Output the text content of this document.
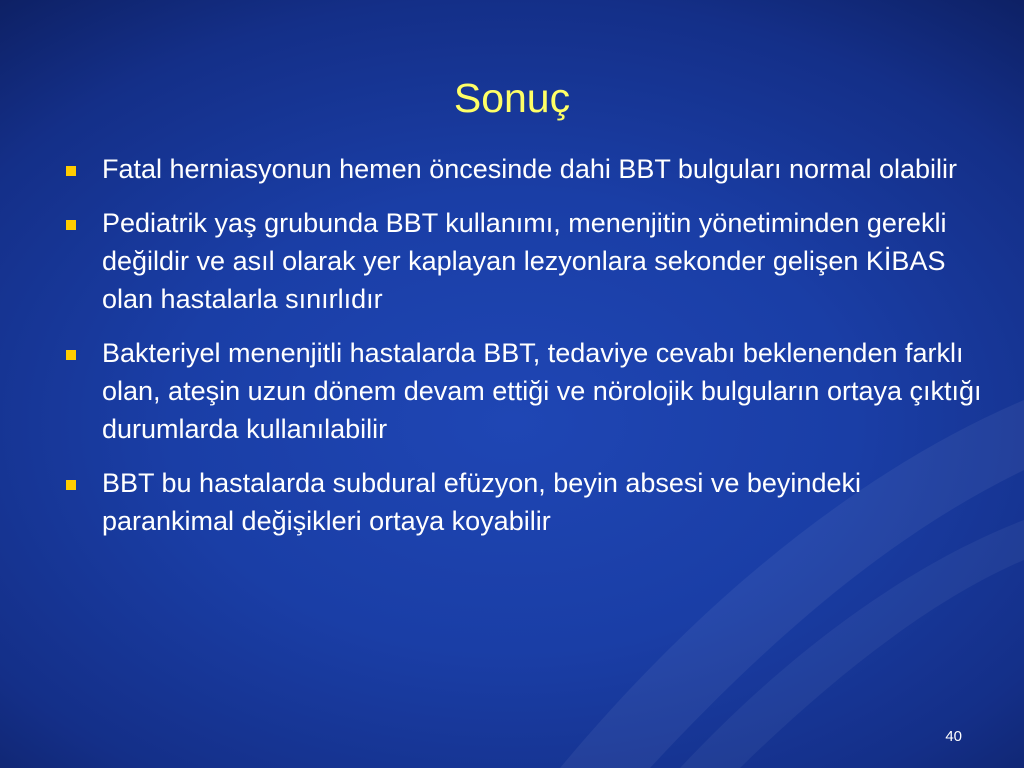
Sonuç
Fatal herniasyonun hemen öncesinde dahi BBT bulguları normal olabilir
Pediatrik yaş grubunda BBT kullanımı, menenjitin yönetiminden gerekli değildir ve asıl olarak yer kaplayan lezyonlara sekonder gelişen KİBAS olan hastalarla sınırlıdır
Bakteriyel menenjitli hastalarda BBT, tedaviye cevabı beklenenden farklı olan, ateşin uzun dönem devam ettiği ve nörolojik bulguların ortaya çıktığı durumlarda kullanılabilir
BBT bu hastalarda subdural efüzyon, beyin absesi ve beyindeki parankimal değişikleri ortaya koyabilir
40
